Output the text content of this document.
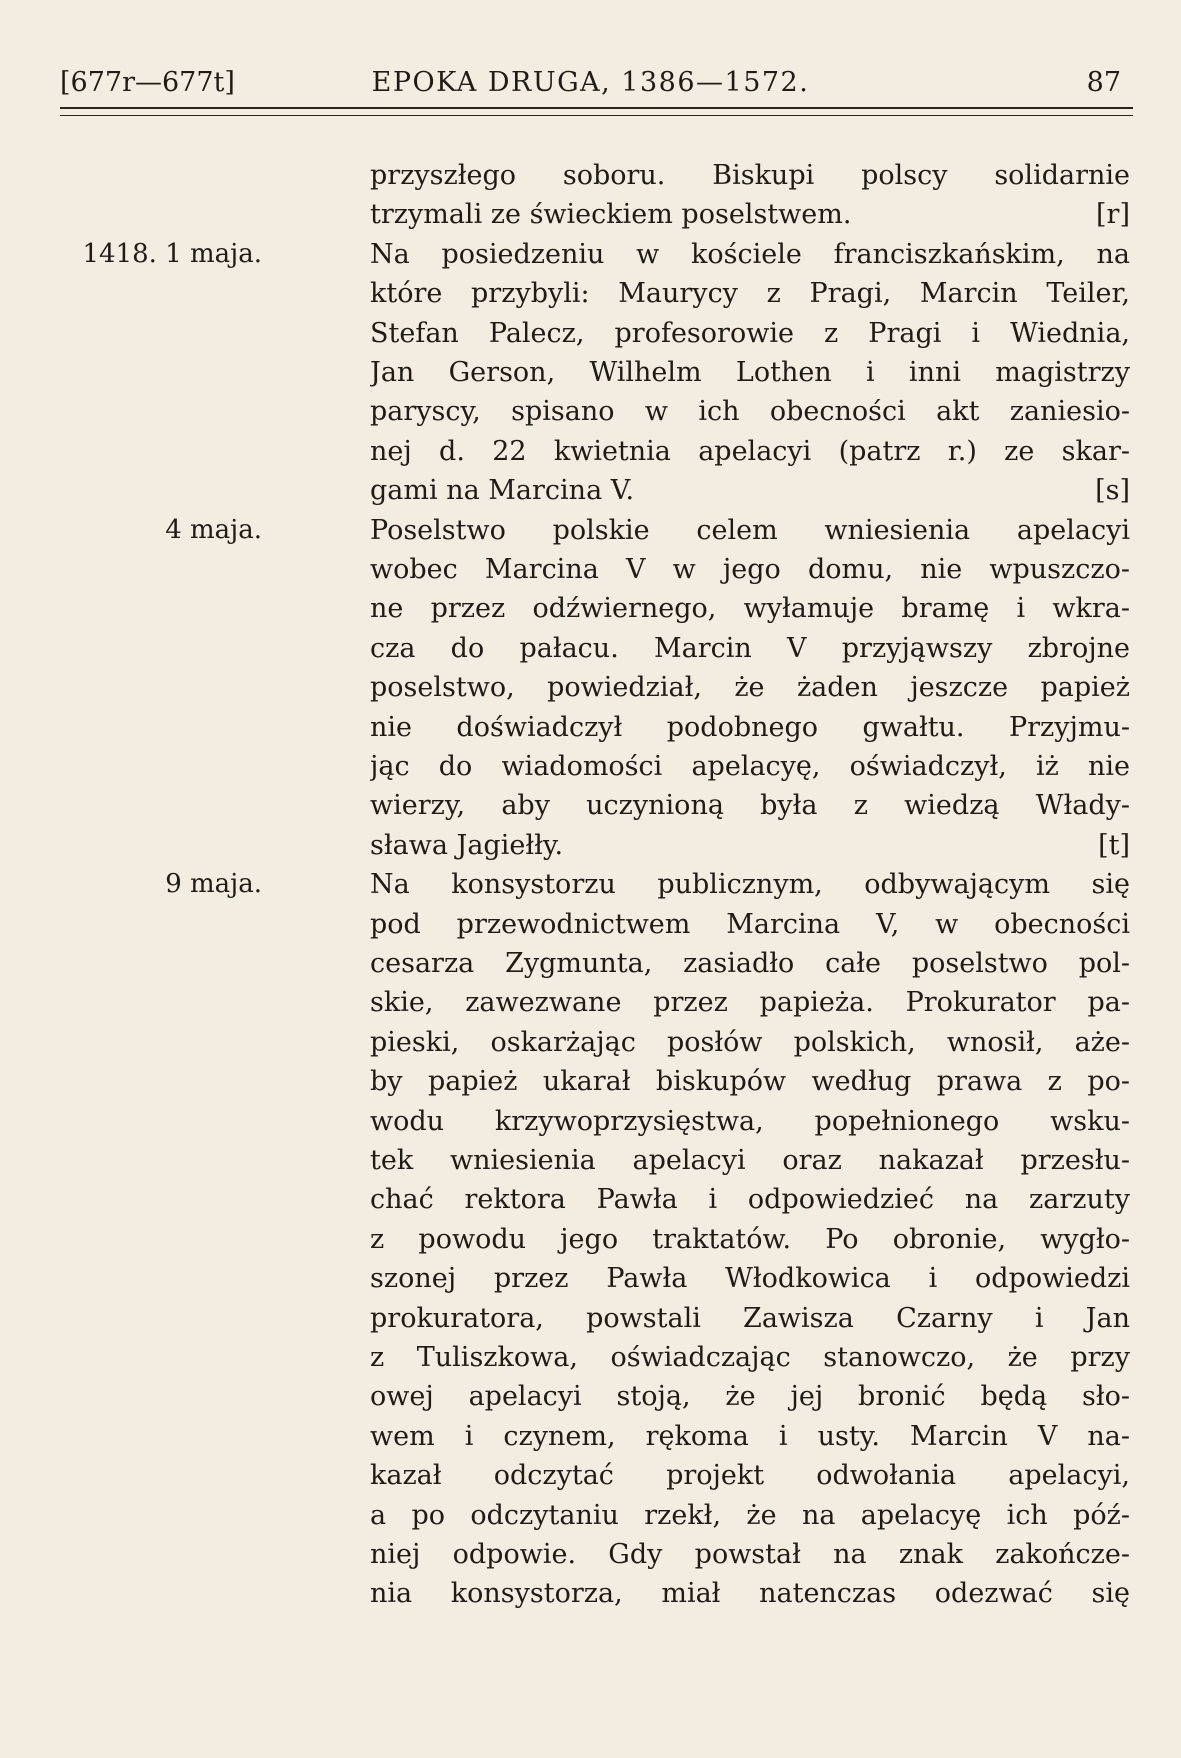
[677r—677t]	EPOKA DRUGA, 1386—1572.	87
przyszłego soboru. Biskupi polscy solidarnie
trzymali ze świeckiem poselstwem.	[r]
1418. 1 maja.	Na posiedzeniu w kościele franciszkańskim, na
które przybyli: Maurycy z Pragi, Marcin Teiler,
Stefan Palecz, profesorowie z Pragi i Wiednia,
Jan Gerson, Wilhelm Lothen i inni magistrzy
paryscy, spisano w ich obecności akt zaniesio-
nej d. 22 kwietnia apelacyi (patrz r.) ze skar-
gami na Marcina V.	[s]
4 maja.	Poselstwo polskie celem wniesienia apelacyi
wobec Marcina V w jego domu, nie wpuszczo-
ne przez odźwiernego, wyłamuje bramę i wkra-
cza do pałacu. Marcin V przyjąwszy zbrojne
poselstwo, powiedział, że żaden jeszcze papież
nie doświadczył podobnego gwałtu. Przyjmu-
jąc do wiadomości apelacyę, oświadczył, iż nie
wierzy, aby uczynioną była z wiedzą Włady-
sława Jagiełły.	[t]
9 maja.	Na konsystorzu publicznym, odbywającym się
pod przewodnictwem Marcina V, w obecności
cesarza Zygmunta, zasiadło całe poselstwo pol-
skie, zawezwane przez papieża. Prokurator pa-
pieski, oskarżając posłów polskich, wnosił, aże-
by papież ukarał biskupów według prawa z po-
wodu krzywoprzysięstwa, popełnionego wsku-
tek wniesienia apelacyi oraz nakazał przesłu-
chać rektora Pawła i odpowiedzieć na zarzuty
z powodu jego traktatów. Po obronie, wygło-
szonej przez Pawła Włodkowica i odpowiedzi
prokuratora, powstali Zawisza Czarny i Jan
z Tuliszkowa, oświadczając stanowczo, że przy
owej apelacyi stoją, że jej bronić będą sło-
wem i czynem, rękoma i usty. Marcin V na-
kazał odczytać projekt odwołania apelacyi,
a po odczytaniu rzekł, że na apelacyę ich póź-
niej odpowie. Gdy powstał na znak zakończe-
nia konsystorza, miał natenczas odezwać się
